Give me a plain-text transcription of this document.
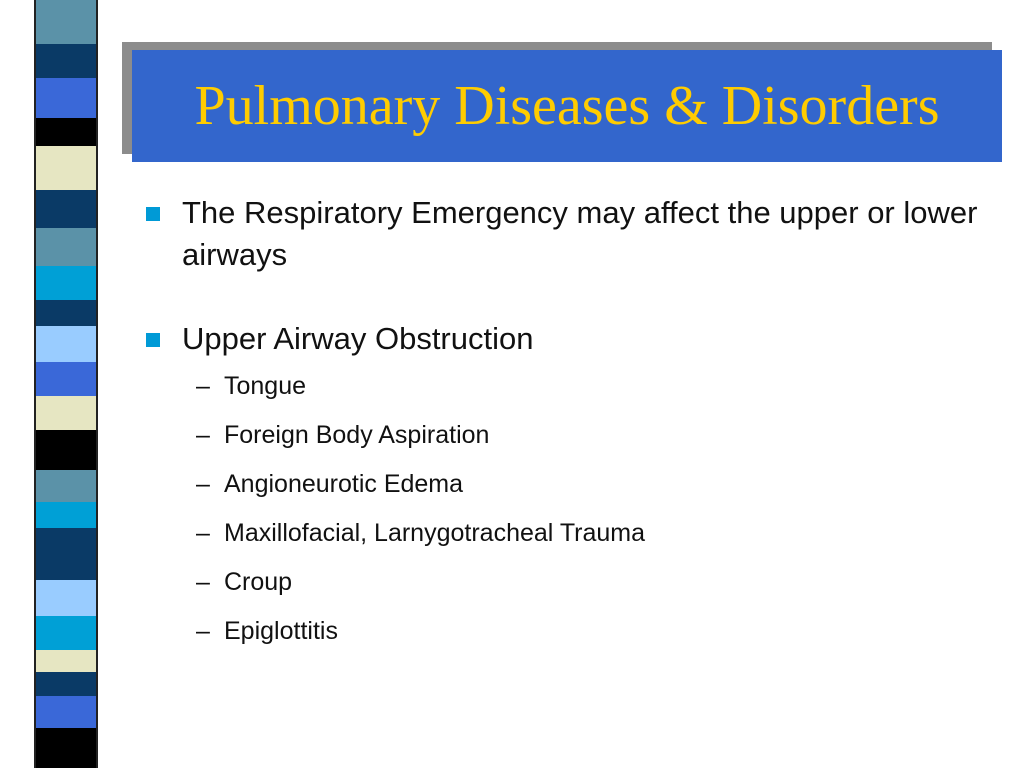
Pulmonary Diseases & Disorders
The Respiratory Emergency may affect the upper or lower airways
Upper Airway Obstruction
– Tongue
– Foreign Body Aspiration
– Angioneurotic Edema
– Maxillofacial, Larnygotracheal Trauma
– Croup
– Epiglottitis
